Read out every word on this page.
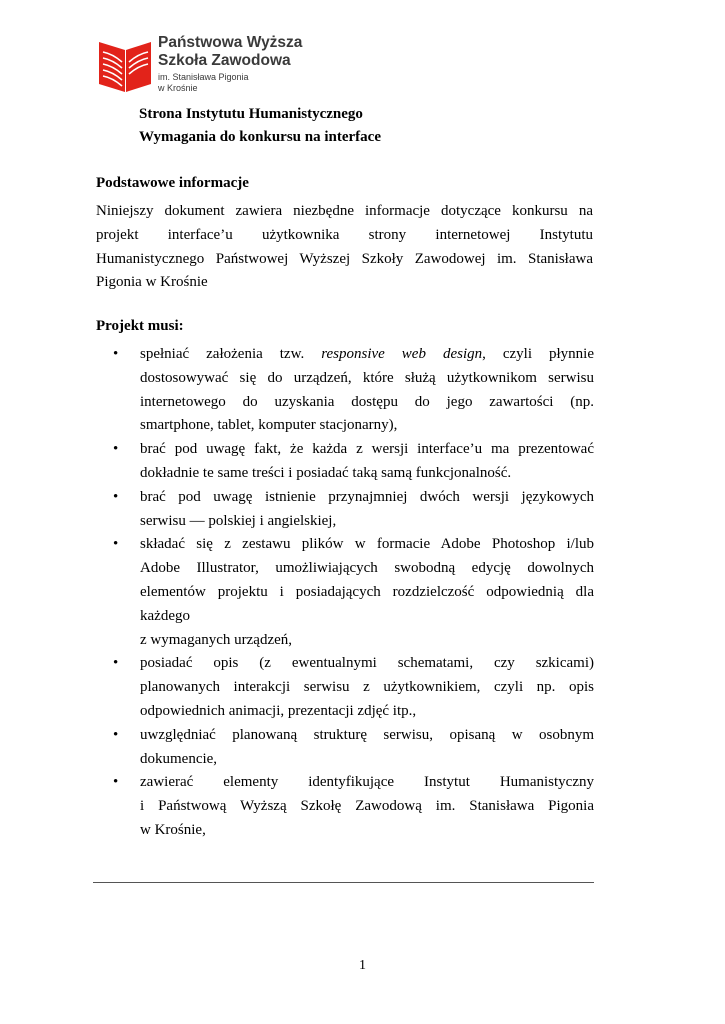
Państwowa Wyższa
Szkoła Zawodowa
im. Stanisława Pigonia
w Krośnie
Strona Instytutu Humanistycznego
Wymagania do konkursu na interface
Podstawowe informacje
Niniejszy dokument zawiera niezbędne informacje dotyczące konkursu na
projekt interface’u użytkownika strony internetowej Instytutu
Humanistycznego Państwowej Wyższej Szkoły Zawodowej im. Stanisława
Pigonia w Krośnie
Projekt musi:
• spełniać założenia tzw. responsive web design, czyli płynnie
dostosowywać się do urządzeń, które służą użytkownikom serwisu
internetowego do uzyskania dostępu do jego zawartości (np.
smartphone, tablet, komputer stacjonarny),
• brać pod uwagę fakt, że każda z wersji interface’u ma prezentować
dokładnie te same treści i posiadać taką samą funkcjonalność.
• brać pod uwagę istnienie przynajmniej dwóch wersji językowych
serwisu — polskiej i angielskiej,
• składać się z zestawu plików w formacie Adobe Photoshop i/lub
Adobe Illustrator, umożliwiających swobodną edycję dowolnych
elementów projektu i posiadających rozdzielczość odpowiednią dla
każdego
z wymaganych urządzeń,
• posiadać opis (z ewentualnymi schematami, czy szkicami)
planowanych interakcji serwisu z użytkownikiem, czyli np. opis
odpowiednich animacji, prezentacji zdjęć itp.,
• uwzględniać planowaną strukturę serwisu, opisaną w osobnym
dokumencie,
• zawierać elementy identyfikujące Instytut Humanistyczny
i Państwową Wyższą Szkołę Zawodową im. Stanisława Pigonia
w Krośnie,
1
